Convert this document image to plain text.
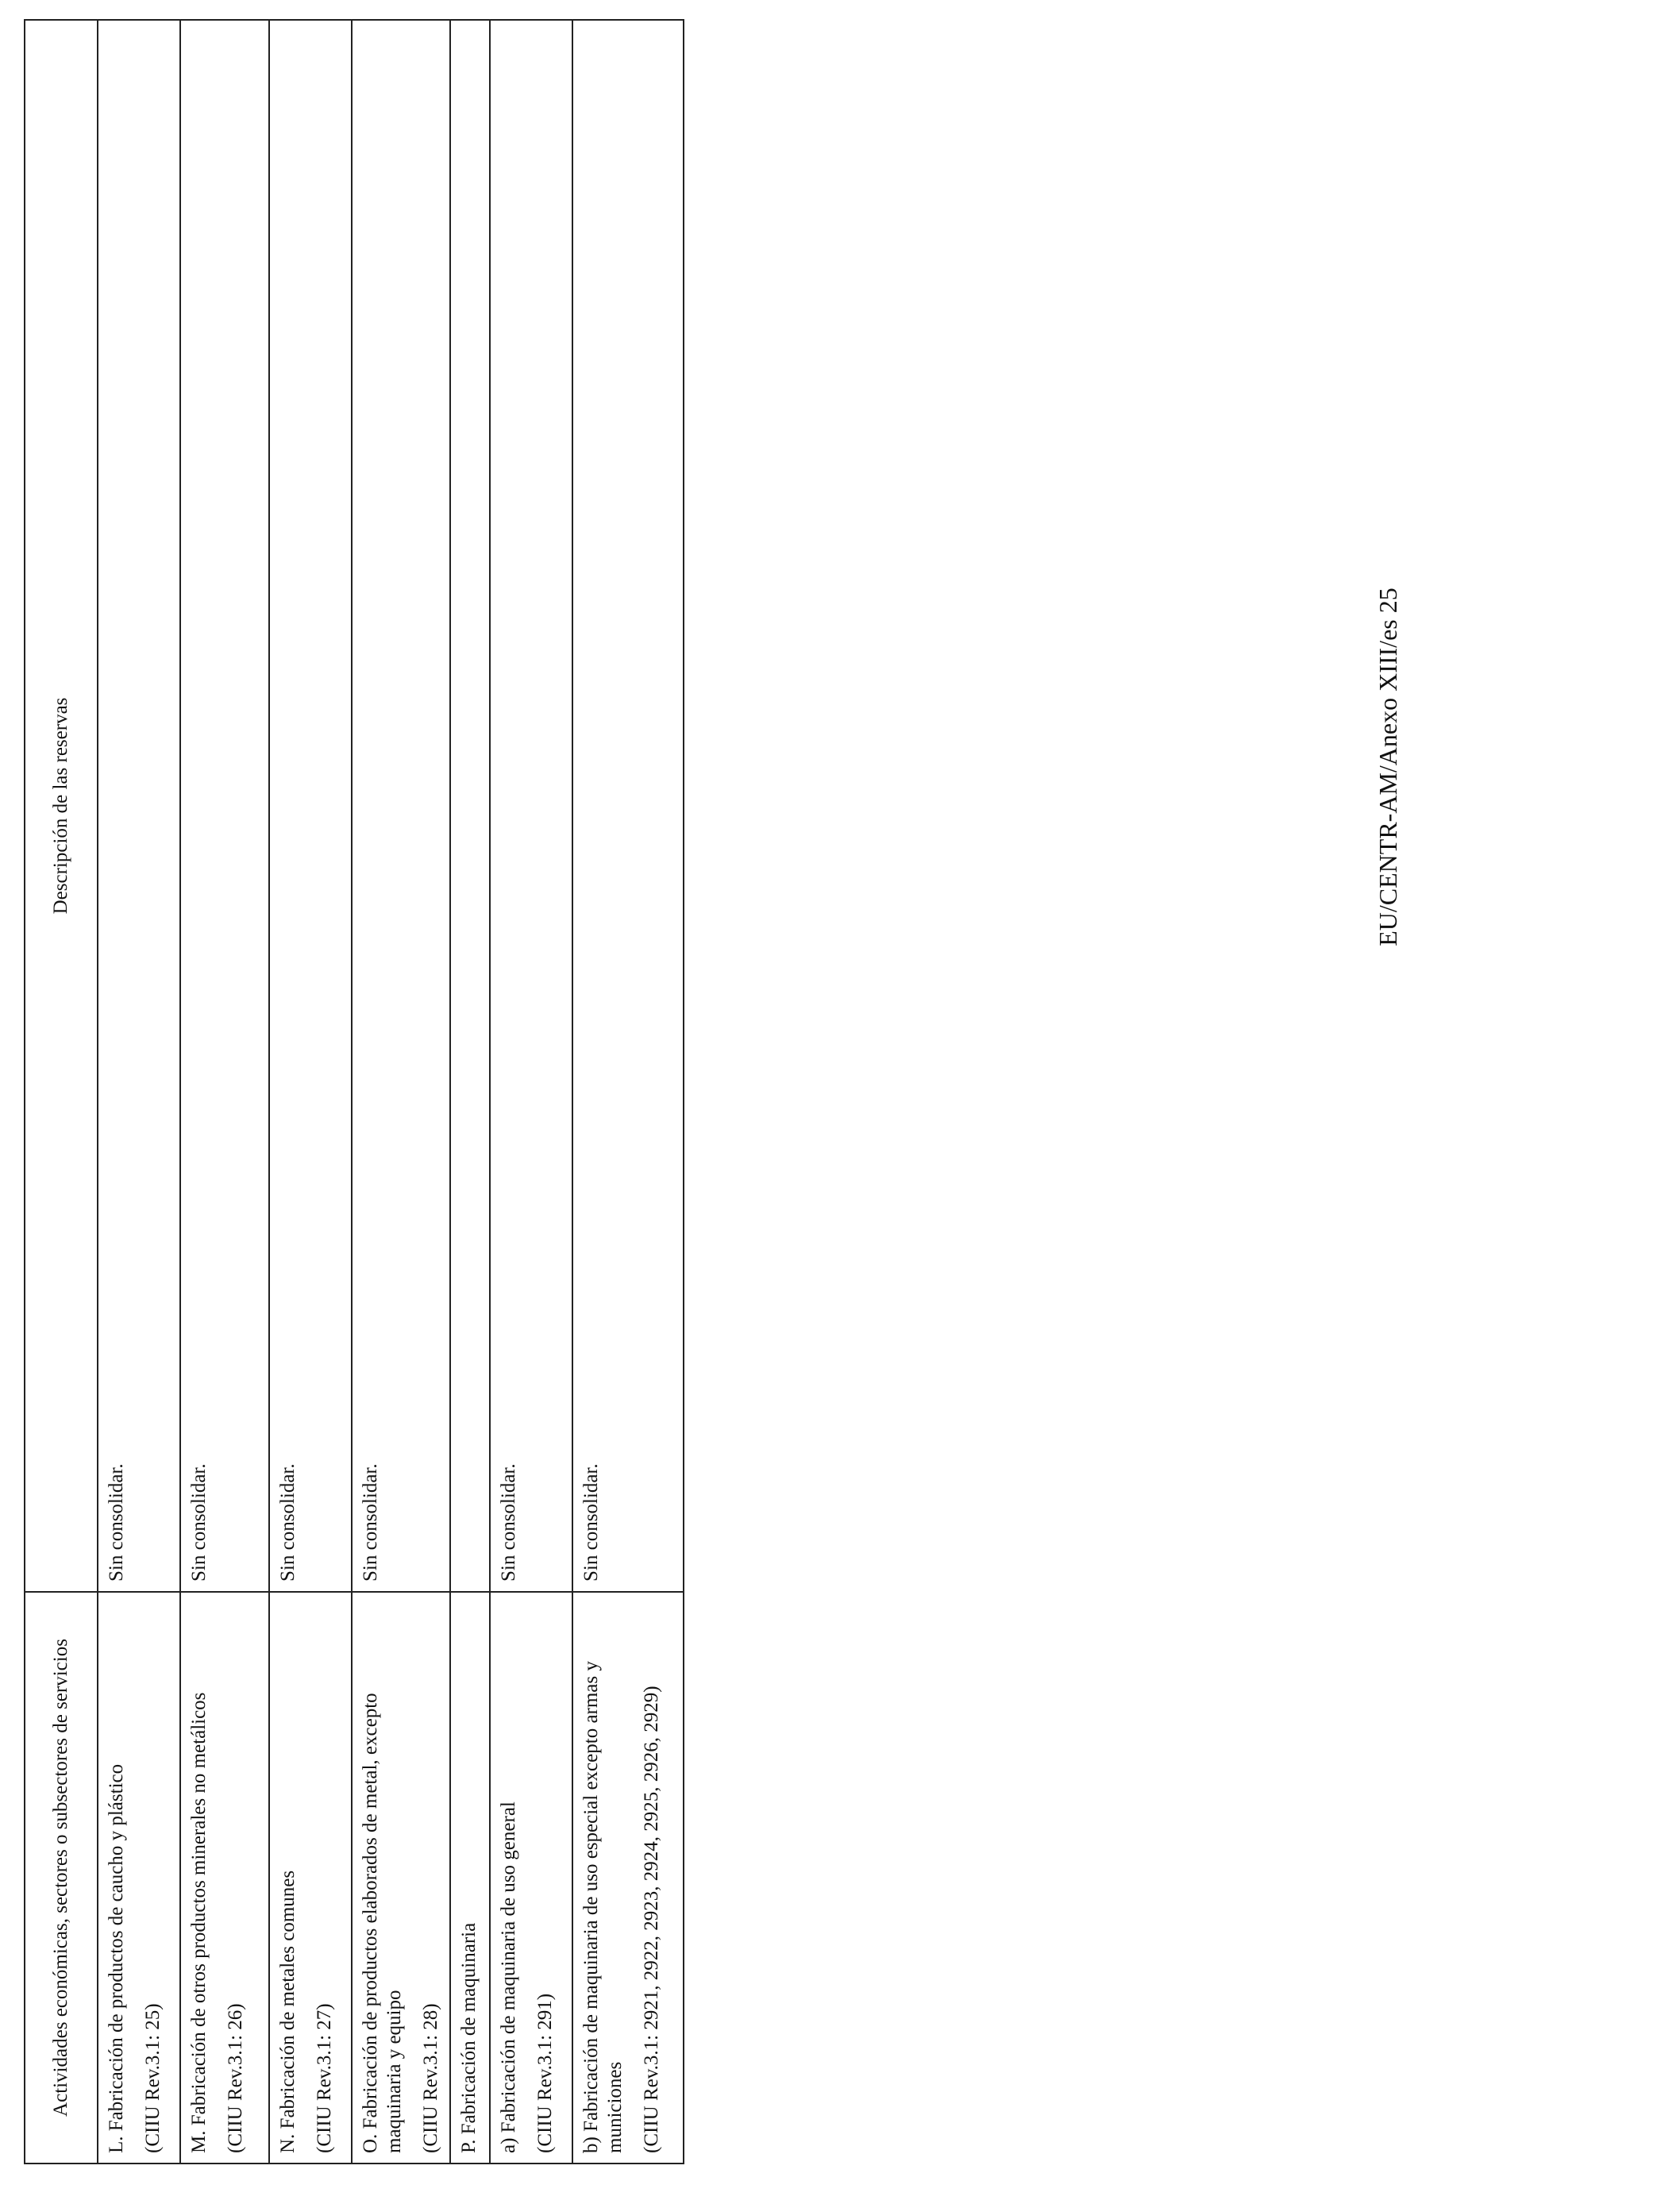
Actividades económicas, sectores o subsectores de servicios	Descripción de las reservas

L. Fabricación de productos de caucho y plástico (CIIU Rev.3.1: 25)	Sin consolidar.

M. Fabricación de otros productos minerales no metálicos (CIIU Rev.3.1: 26)	Sin consolidar.

N. Fabricación de metales comunes (CIIU Rev.3.1: 27)	Sin consolidar.

O. Fabricación de productos elaborados de metal, excepto maquinaria y equipo (CIIU Rev.3.1: 28)	Sin consolidar.
P. Fabricación de maquinaria	

a) Fabricación de maquinaria de uso general (CIIU Rev.3.1: 291)	Sin consolidar.

b) Fabricación de maquinaria de uso especial excepto armas y municiones (CIIU Rev.3.1: 2921, 2922, 2923, 2924, 2925, 2926, 2929)	Sin consolidar.
EU/CENTR-AM/Anexo XIII/es 25
